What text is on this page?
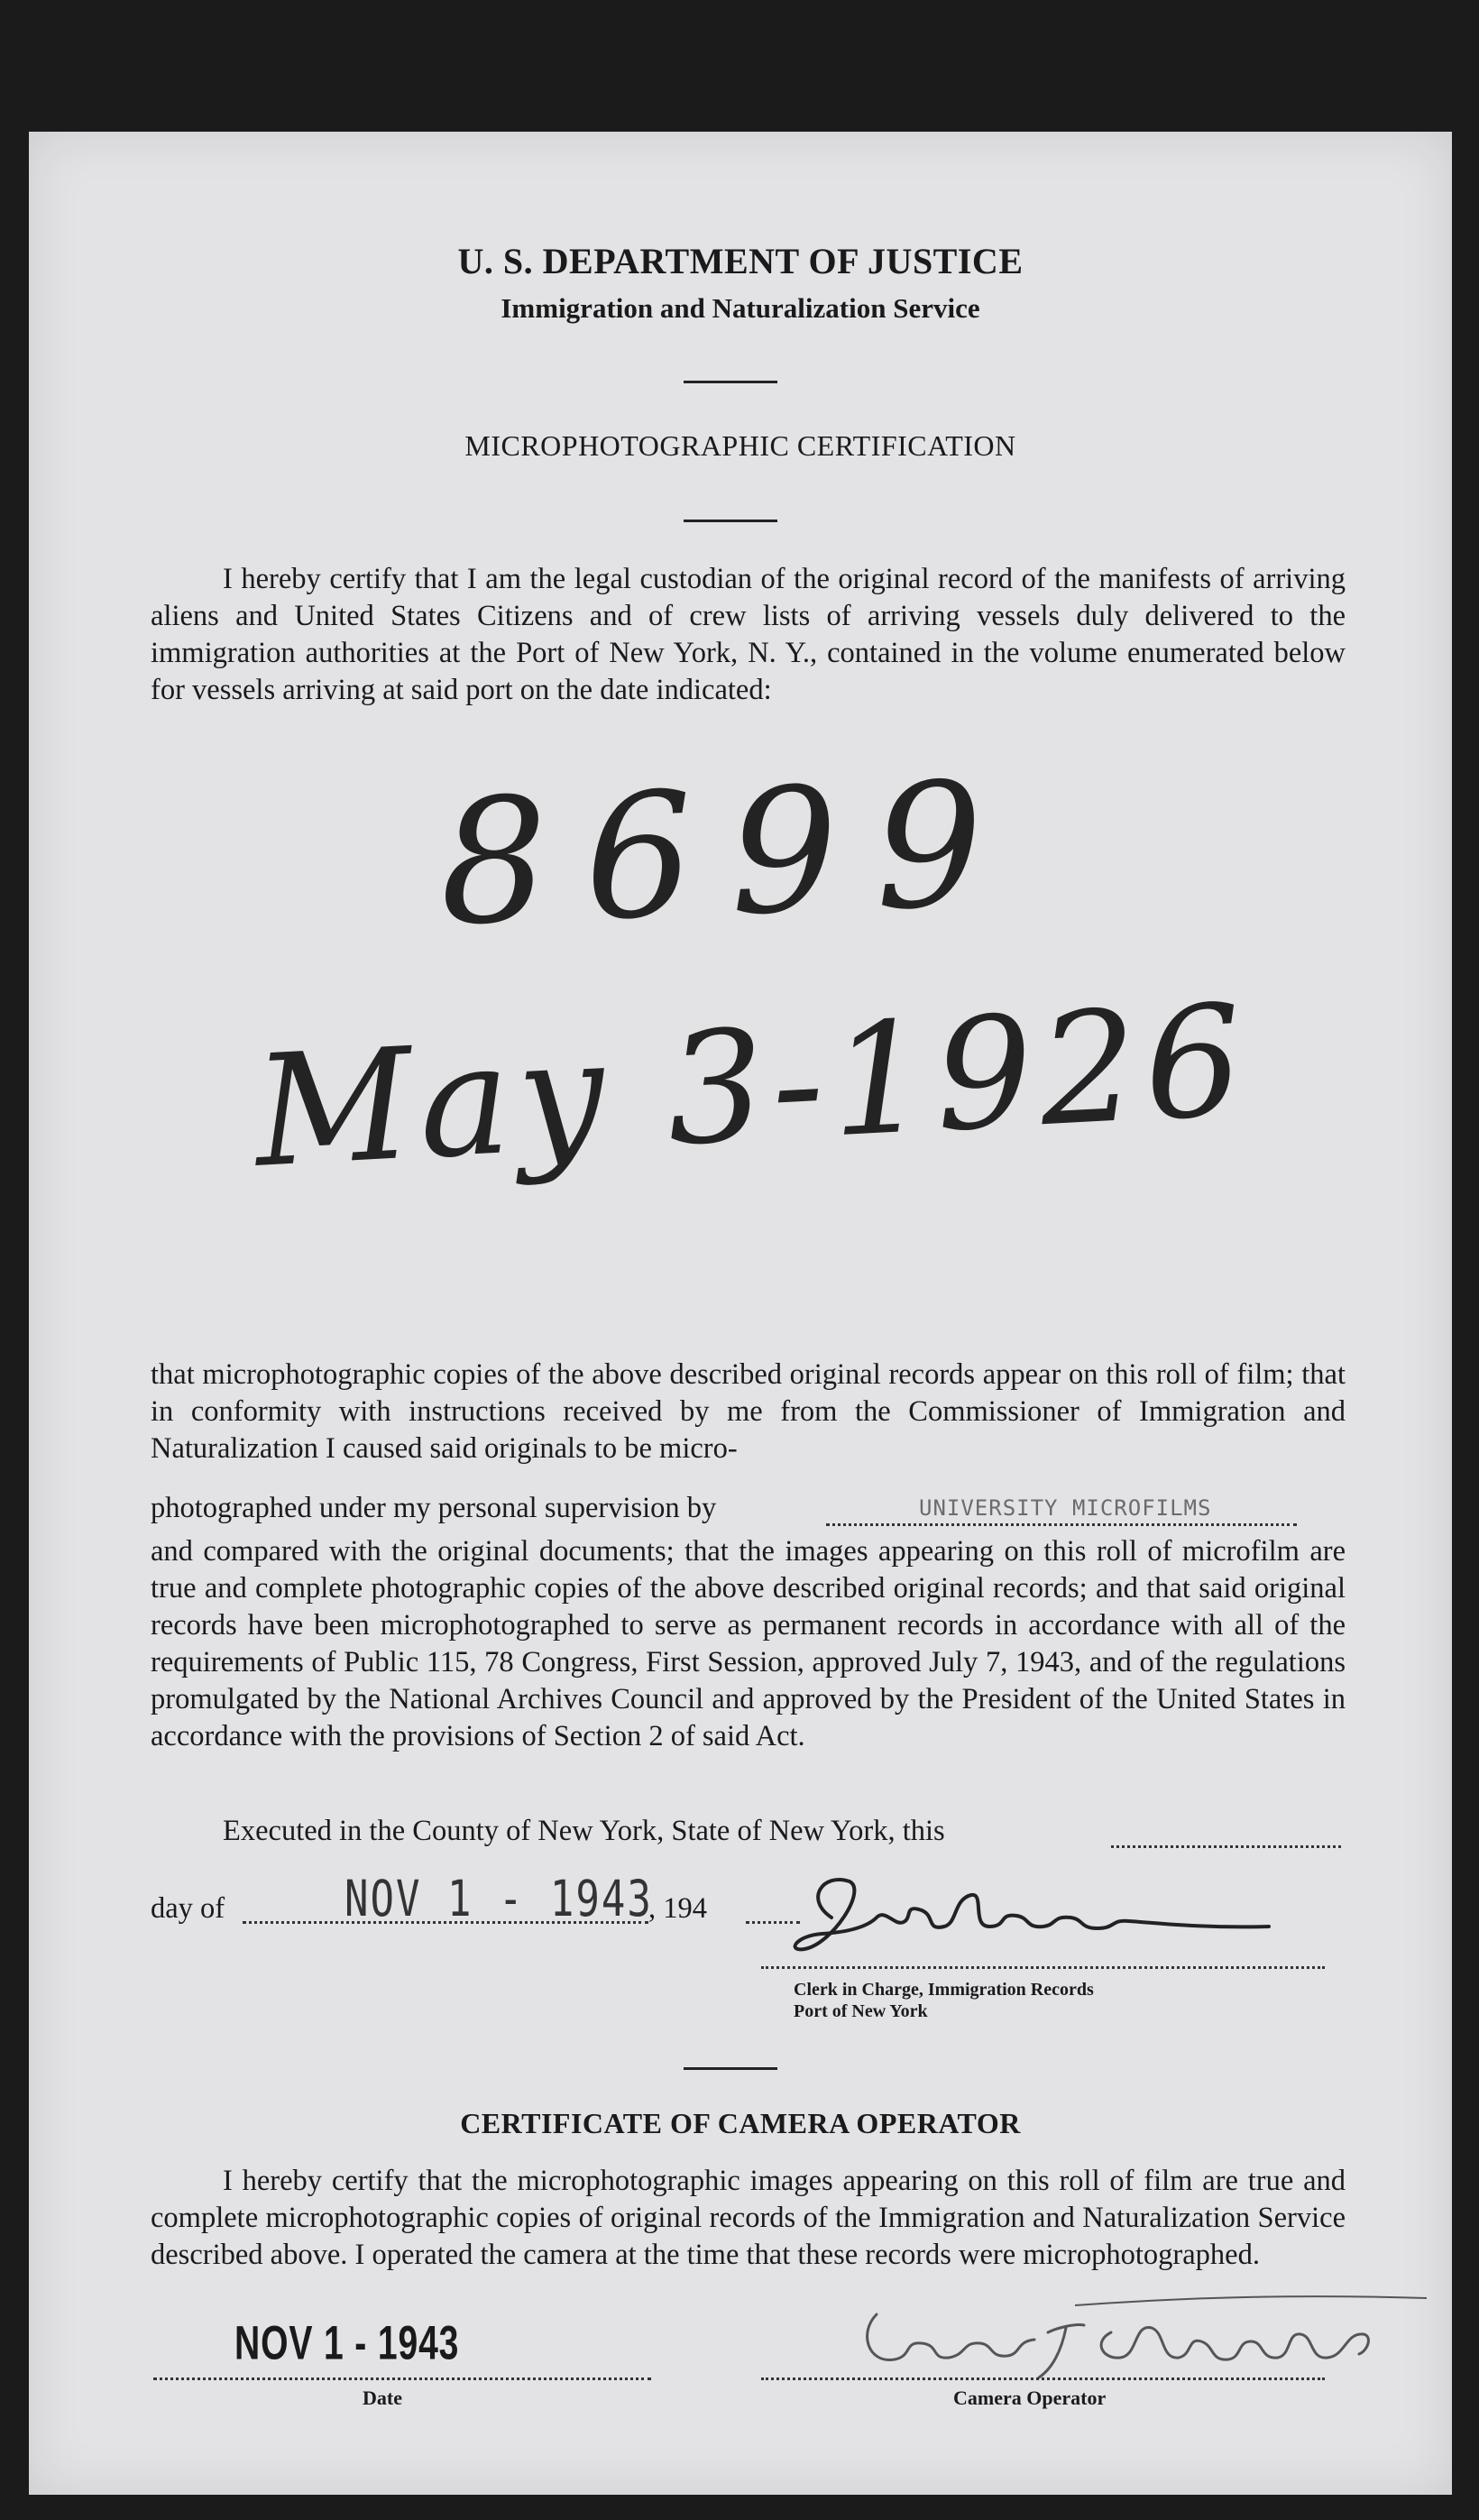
U. S. DEPARTMENT OF JUSTICE
Immigration and Naturalization Service
MICROPHOTOGRAPHIC CERTIFICATION

I hereby certify that I am the legal custodian of the original record of the manifests of arriving aliens and United States Citizens and of crew lists of arriving vessels duly delivered to the immigration authorities at the Port of New York, N. Y., contained in the volume enumerated below for vessels arriving at said port on the date indicated:

8699
May 3-1926

that microphotographic copies of the above described original records appear on this roll of film; that in conformity with instructions received by me from the Commissioner of Immigration and Naturalization I caused said originals to be micro-

photographed under my personal supervision by	UNIVERSITY MICROFILMS

and compared with the original documents; that the images appearing on this roll of microfilm are true and complete photographic copies of the above described original records; and that said original records have been microphotographed to serve as permanent records in accordance with all of the requirements of Public 115, 78 Congress, First Session, approved July 7, 1943, and of the regulations promulgated by the National Archives Council and approved by the President of the United States in accordance with the provisions of Section 2 of said Act.

Executed in the County of New York, State of New York, this
day of	NOV 1 - 1943
, 194
Clerk in Charge, Immigration Records
Port of New York
CERTIFICATE OF CAMERA OPERATOR

I hereby certify that the microphotographic images appearing on this roll of film are true and complete microphotographic copies of original records of the Immigration and Naturalization Service described above. I operated the camera at the time that these records were microphotographed.

NOV 1 - 1943
Date	Camera Operator
